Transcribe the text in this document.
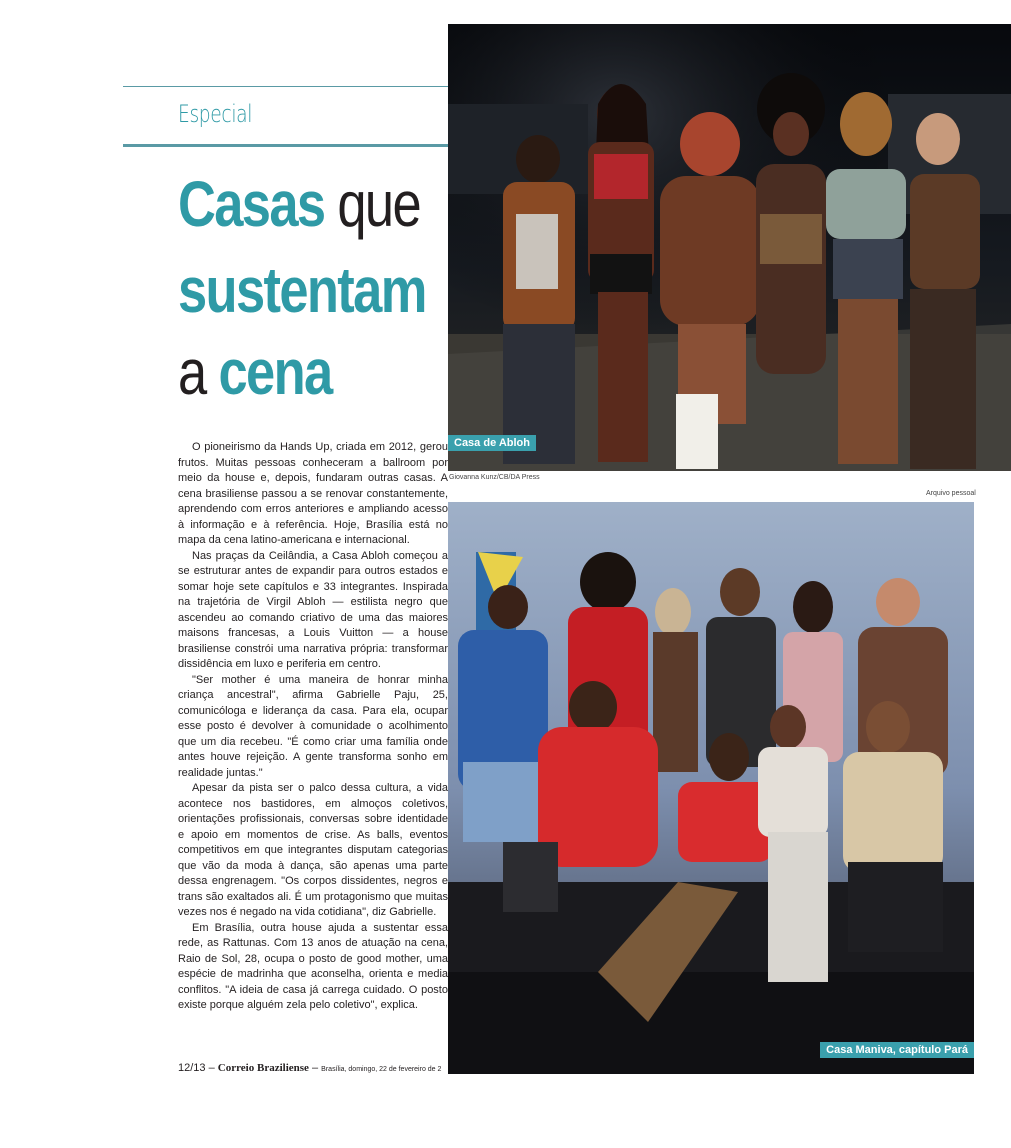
Especial
Casas que
sustentam
a cena

O pioneirismo da Hands Up, criada em 2012, gerou frutos. Muitas pessoas conheceram a ballroom por meio da house e, depois, fundaram outras casas. A cena brasiliense passou a se renovar constantemente, aprendendo com erros anteriores e ampliando acesso à informação e à referência. Hoje, Brasília está no mapa da cena latino-americana e internacional.

Nas praças da Ceilândia, a Casa Abloh começou a se estruturar antes de expandir para outros estados e somar hoje sete capítulos e 33 integrantes. Inspirada na trajetória de Virgil Abloh — estilista negro que ascendeu ao comando criativo de uma das maiores maisons francesas, a Louis Vuitton — a house brasiliense constrói uma narrativa própria: transformar dissidência em luxo e periferia em centro.

"Ser mother é uma maneira de honrar minha criança ancestral", afirma Gabrielle Paju, 25, comunicóloga e liderança da casa. Para ela, ocupar esse posto é devolver à comunidade o acolhimento que um dia recebeu. "É como criar uma família onde antes houve rejeição. A gente transforma sonho em realidade juntas."

Apesar da pista ser o palco dessa cultura, a vida acontece nos bastidores, em almoços coletivos, orientações profissionais, conversas sobre identidade e apoio em momentos de crise. As balls, eventos competitivos em que integrantes disputam categorias que vão da moda à dança, são apenas uma parte dessa engrenagem. "Os corpos dissidentes, negros e trans são exaltados ali. É um protagonismo que muitas vezes nos é negado na vida cotidiana", diz Gabrielle.

Em Brasília, outra house ajuda a sustentar essa rede, as Rattunas. Com 13 anos de atuação na cena, Raio de Sol, 28, ocupa o posto de good mother, uma espécie de madrinha que aconselha, orienta e media conflitos. "A ideia de casa já carrega cuidado. O posto existe porque alguém zela pelo coletivo", explica.

Casa de Abloh
Giovanna Kunz/CB/DA Press
Arquivo pessoal
Casa Maniva, capítulo Pará
12/13 – Correio Braziliense – Brasília, domingo, 22 de fevereiro de 2
